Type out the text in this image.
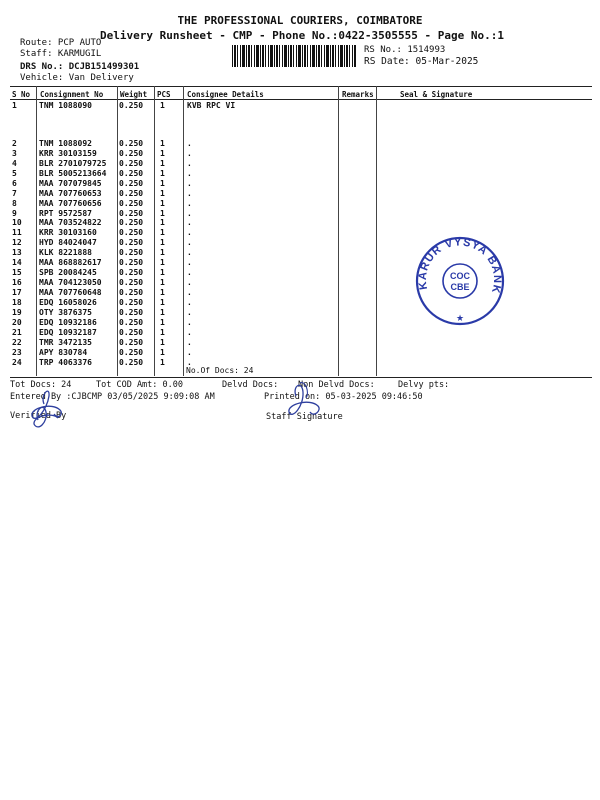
THE PROFESSIONAL COURIERS, COIMBATORE
Delivery Runsheet - CMP - Phone No.:0422-3505555 - Page No.:1
Route: PCP AUTO
Staff: KARMUGIL
DRS No.: DCJB151499301
Vehicle: Van Delivery
RS No.: 1514993
RS Date: 05-Mar-2025
S No Consignment No Weight PCS Consignee Details	Remarks	Seal & Signature
1	TNM 1088090	0.250 1	KVB RPC VI
2	TNM 1088092	0.250 1	.
3	KRR 30103159	0.250 1	.
4	BLR 2701079725 0.250 1	.
5	BLR 5005213664 0.250 1	.
6	MAA 707079845 0.250 1	.
7	MAA 707760653 0.250 1	.
8	MAA 707760656 0.250 1	.
9	RPT 9572587	0.250 1	.
10 MAA 703524822 0.250 1	.
11 KRR 30103160	0.250 1	.
12 HYD 84024047	0.250 1	.
13 KLK 8221888	0.250 1	.
14 MAA 868882617 0.250 1	.
15 SPB 20084245	0.250 1	.
16 MAA 704123050 0.250 1	.
17 MAA 707760648 0.250 1	.
18 EDQ 16058026	0.250 1	.
19 OTY 3876375	0.250 1	.
20 EDQ 10932186	0.250 1	.
21 EDQ 10932187	0.250 1	.
22 TMR 3472135	0.250 1	.
23 APY 830784	0.250 1	.
24 TRP 4063376	0.250 1	.
No.Of Docs: 24
Tot Docs: 24	Tot COD Amt: 0.00	Delvd Docs: Non Delvd Docs:	Delvy pts:
Entered By :CJBCMP 03/05/2025 9:09:08 AM	Printed on: 05-03-2025 09:46:50
Verified By	Staff Signature
KARUR VYSYA BANK
COC
CBE
★
